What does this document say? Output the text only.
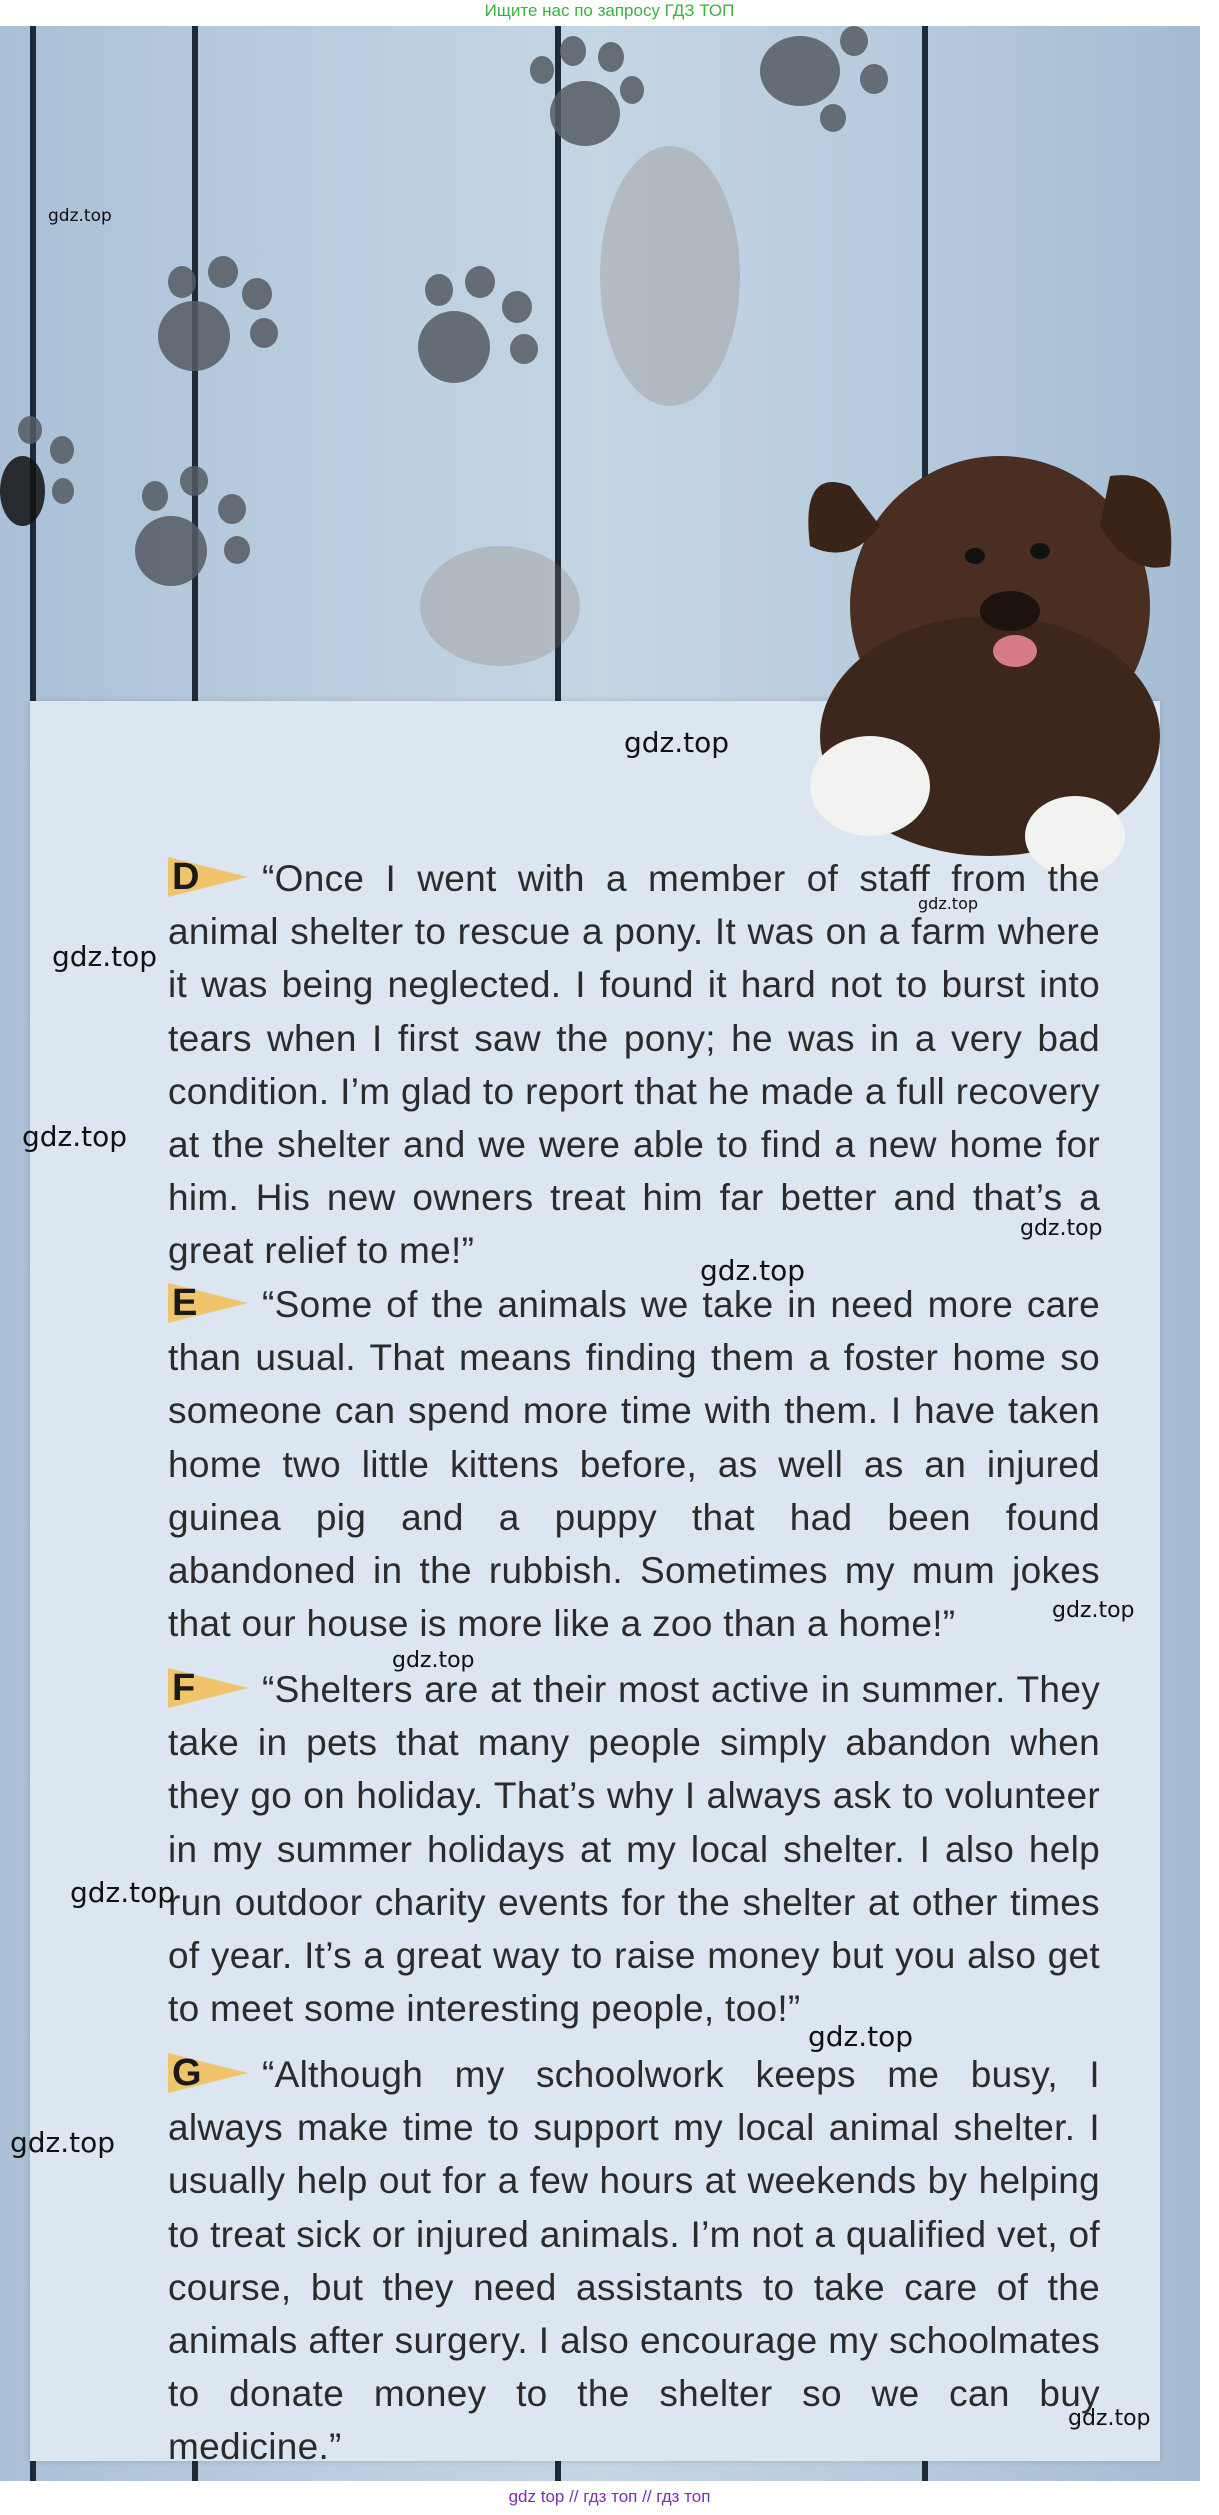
Ищите нас по запросу ГДЗ ТОП
D “Once I went with a member of staff from the animal shelter to rescue a pony. It was on a farm where it was being neglected. I found it hard not to burst into tears when I first saw the pony; he was in a very bad condition. I’m glad to report that he made a full recovery at the shelter and we were able to find a new home for him. His new owners treat him far better and that’s a great relief to me!”
E “Some of the animals we take in need more care than usual. That means finding them a foster home so someone can spend more time with them. I have taken home two little kittens before, as well as an injured guinea pig and a puppy that had been found abandoned in the rubbish. Sometimes my mum jokes that our house is more like a zoo than a home!”
F “Shelters are at their most active in summer. They take in pets that many people simply abandon when they go on holiday. That’s why I always ask to volunteer in my summer holidays at my local shelter. I also help run outdoor charity events for the shelter at other times of year. It’s a great way to raise money but you also get to meet some interesting people, too!”
G “Although my schoolwork keeps me busy, I always make time to support my local animal shelter. I usually help out for a few hours at weekends by helping to treat sick or injured animals. I’m not a qualified vet, of course, but they need assistants to take care of the animals after surgery. I also encourage my schoolmates to donate money to the shelter so we can buy medicine.”
gdz.top
gdz.top
gdz.top
gdz.top
gdz.top
gdz.top
gdz.top
gdz.top
gdz.top
gdz.top
gdz.top
gdz.top
gdz.top
gdz top // гдз топ // гдз топ
